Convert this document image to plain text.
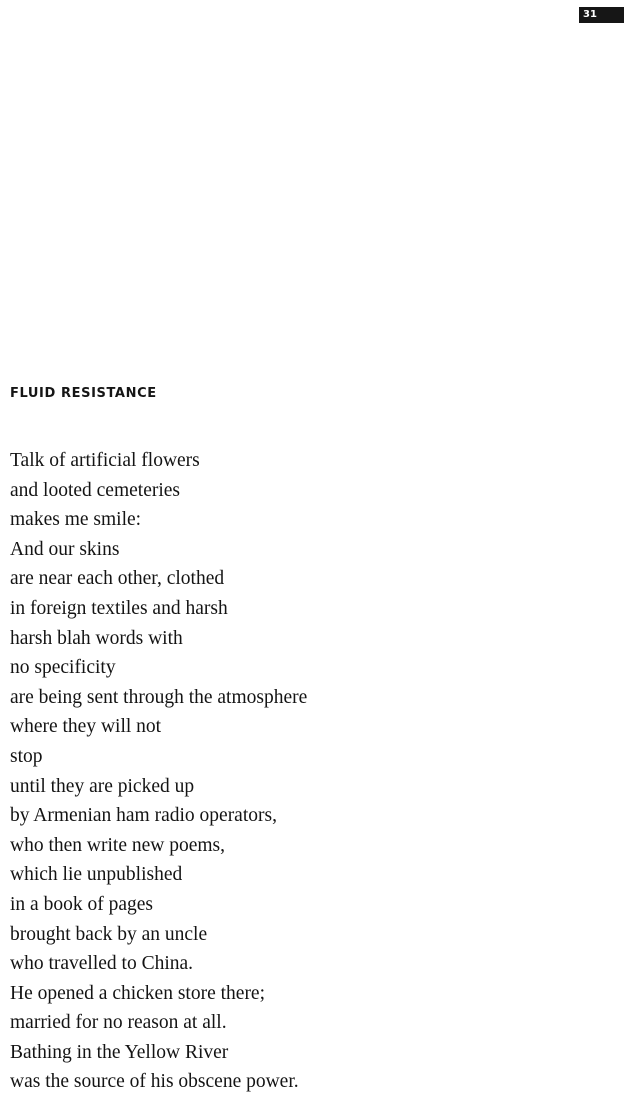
31
FLUID RESISTANCE
Talk of artificial flowers
and looted cemeteries
makes me smile:
And our skins
are near each other, clothed
in foreign textiles and harsh
harsh blah words with
no specificity
are being sent through the atmosphere
where they will not
stop
until they are picked up
by Armenian ham radio operators,
who then write new poems,
which lie unpublished
in a book of pages
brought back by an uncle
who travelled to China.
He opened a chicken store there;
married for no reason at all.
Bathing in the Yellow River
was the source of his obscene power.
